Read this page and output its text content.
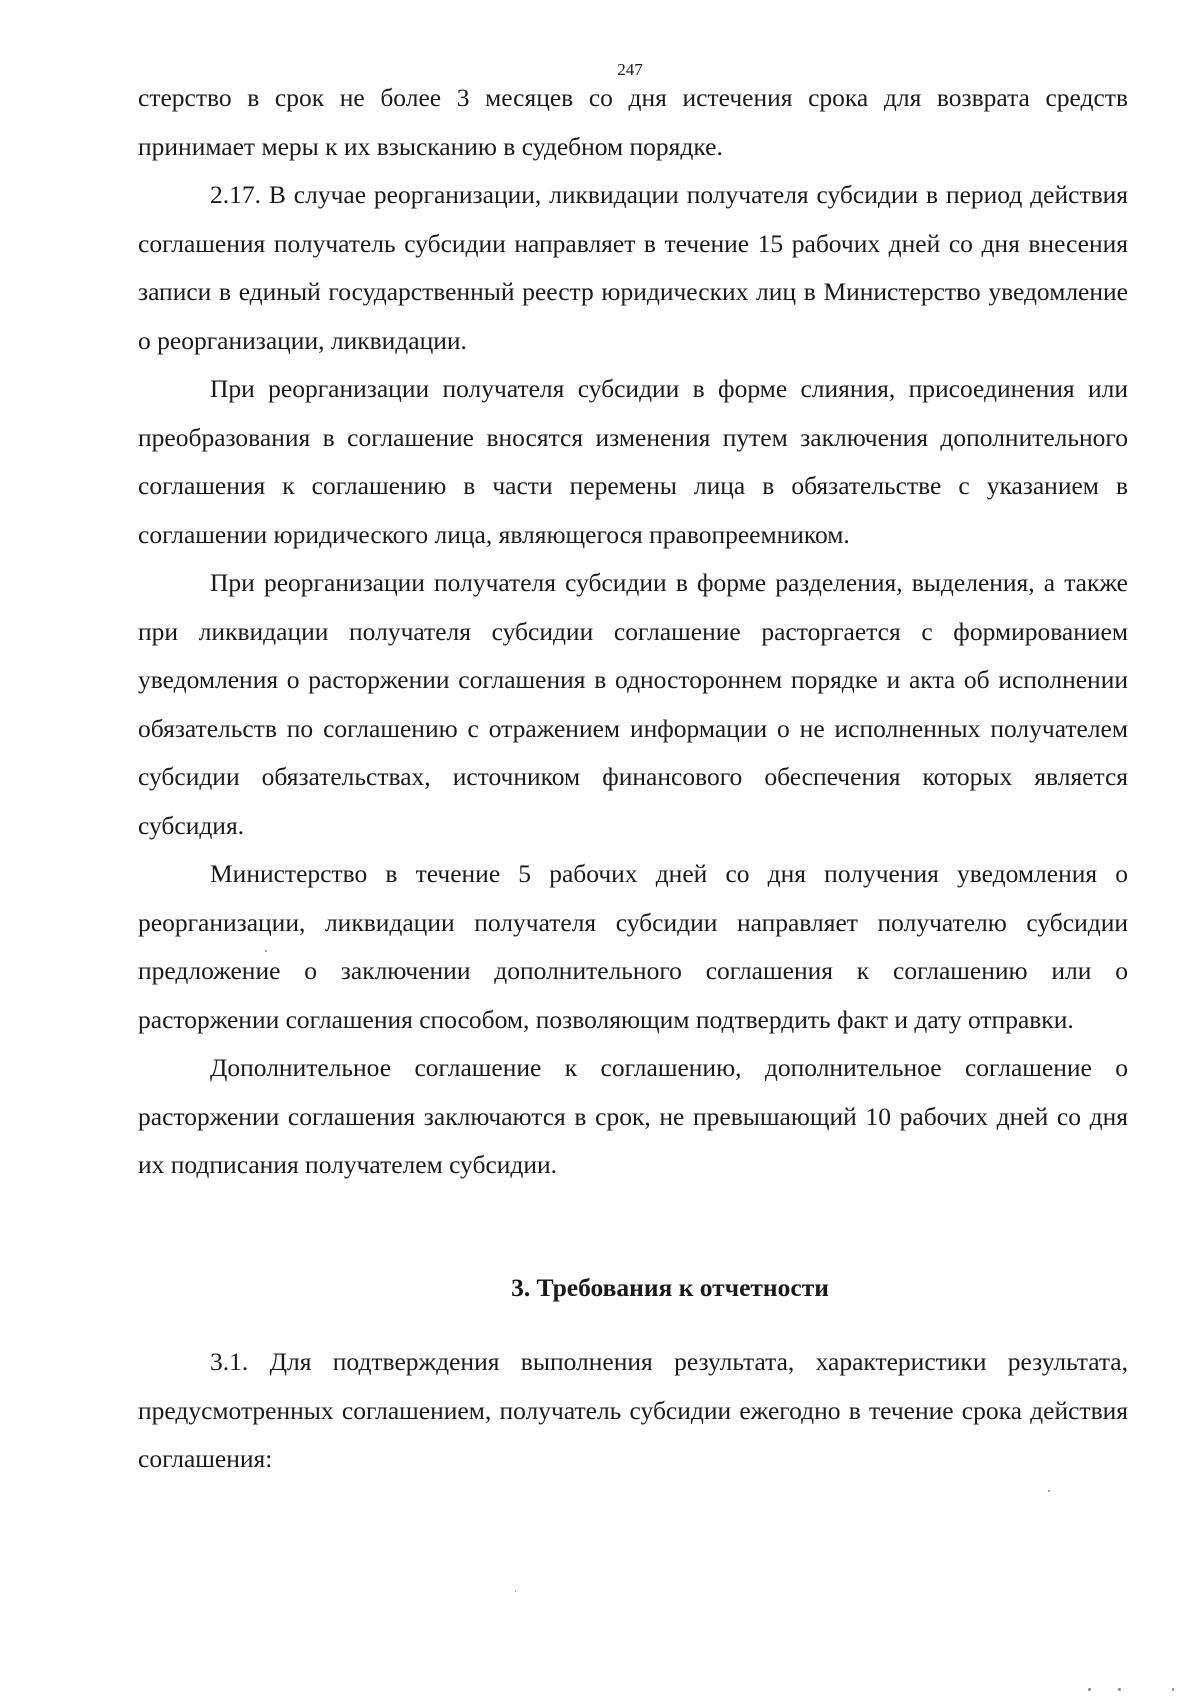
247

стерство в срок не более 3 месяцев со дня истечения срока для возврата средств принимает меры к их взысканию в судебном порядке.

2.17. В случае реорганизации, ликвидации получателя субсидии в период действия соглашения получатель субсидии направляет в течение 15 рабочих дней со дня внесения записи в единый государственный реестр юридических лиц в Министерство уведомление о реорганизации, ликвидации.

При реорганизации получателя субсидии в форме слияния, присоединения или преобразования в соглашение вносятся изменения путем заключения дополнительного соглашения к соглашению в части перемены лица в обязательстве с указанием в соглашении юридического лица, являющегося правопреемником.

При реорганизации получателя субсидии в форме разделения, выделения, а также при ликвидации получателя субсидии соглашение расторгается с формированием уведомления о расторжении соглашения в одностороннем порядке и акта об исполнении обязательств по соглашению с отражением информации о не исполненных получателем субсидии обязательствах, источником финансового обеспечения которых является субсидия.

Министерство в течение 5 рабочих дней со дня получения уведомления о реорганизации, ликвидации получателя субсидии направляет получателю субсидии предложение о заключении дополнительного соглашения к соглашению или о расторжении соглашения способом, позволяющим подтвердить факт и дату отправки.

Дополнительное соглашение к соглашению, дополнительное соглашение о расторжении соглашения заключаются в срок, не превышающий 10 рабочих дней со дня их подписания получателем субсидии.

3. Требования к отчетности

3.1. Для подтверждения выполнения результата, характеристики результата, предусмотренных соглашением, получатель субсидии ежегодно в течение срока действия соглашения:
